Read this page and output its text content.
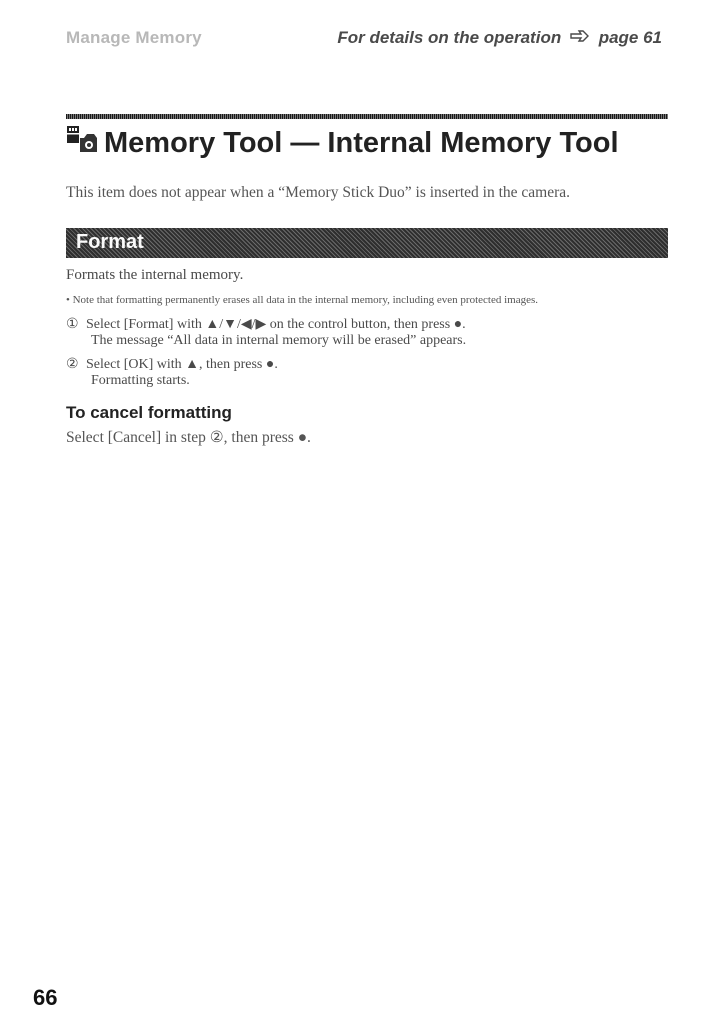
Manage Memory	For details on the operation page 61
Memory Tool — Internal Memory Tool
This item does not appear when a “Memory Stick Duo” is inserted in the camera.
Format
Formats the internal memory.
• Note that formatting permanently erases all data in the internal memory, including even protected images.
① Select [Format] with ▲/▼/◀/▶ on the control button, then press ●.
The message “All data in internal memory will be erased” appears.
② Select [OK] with ▲, then press ●.
Formatting starts.
To cancel formatting
Select [Cancel] in step ②, then press ●.
66
